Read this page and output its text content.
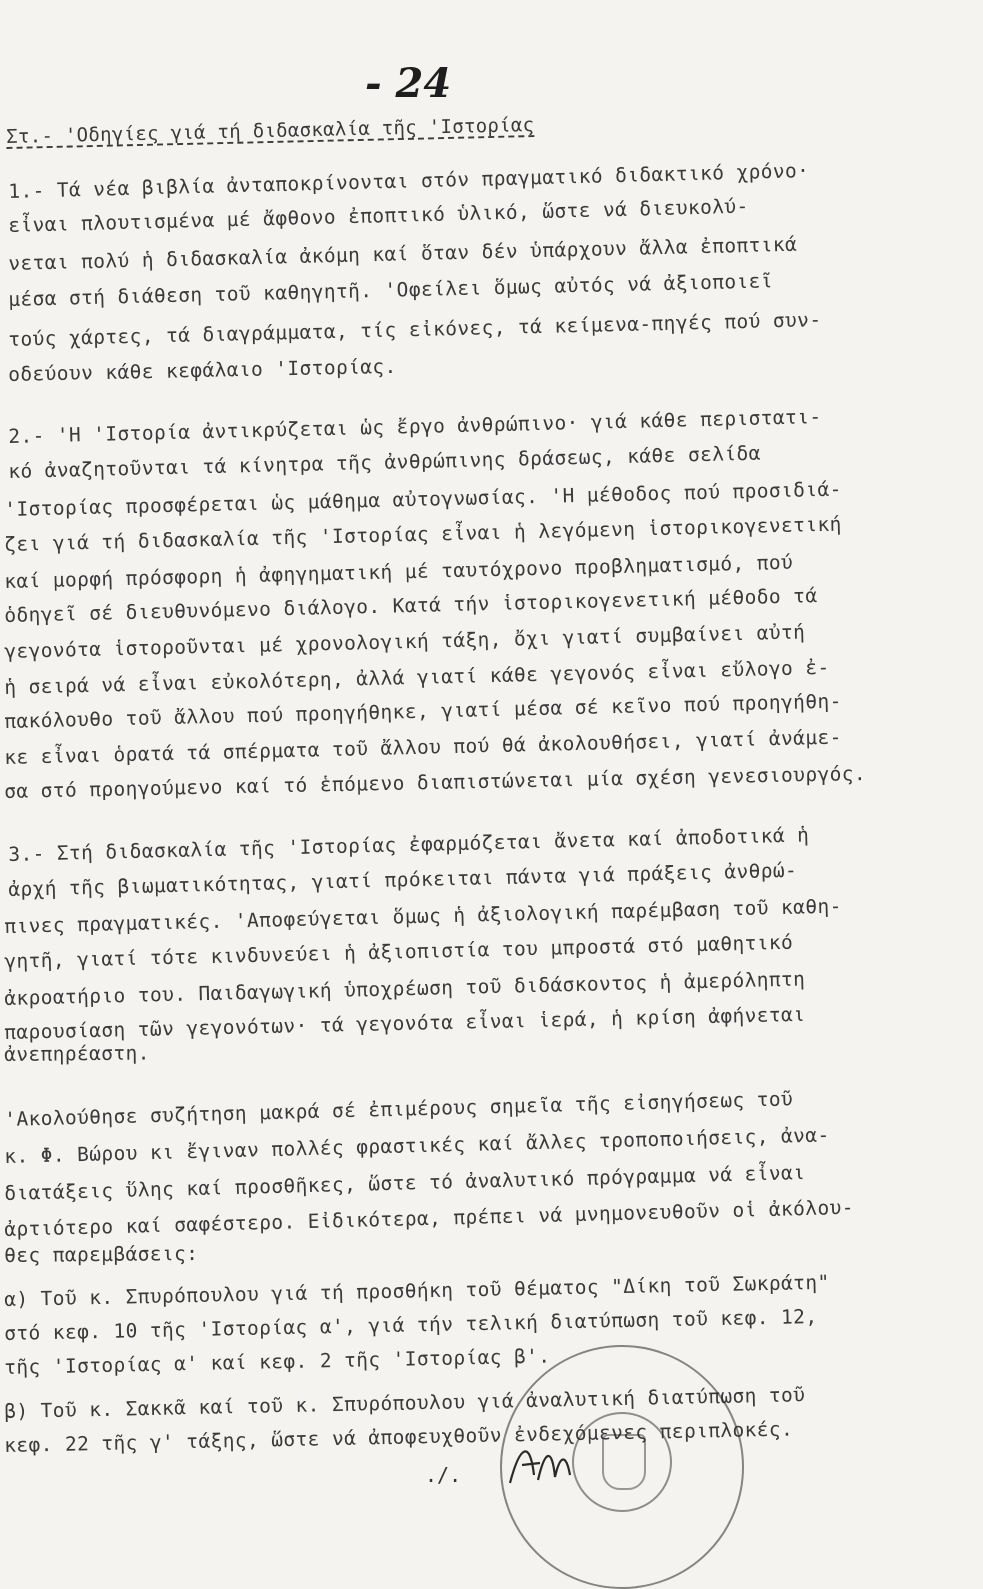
- 24
Στ.- 'Οδηγίες γιά τή διδασκαλία τῆς 'Ιστορίας
1.- Τά νέα βιβλία ἀνταποκρίνονται στόν πραγματικό διδακτικό χρόνο·
εἶναι πλουτισμένα μέ ἄφθονο ἐποπτικό ὑλικό, ὥστε νά διευκολύ-
νεται πολύ ἡ διδασκαλία ἀκόμη καί ὅταν δέν ὑπάρχουν ἄλλα ἐποπτικά
μέσα στή διάθεση τοῦ καθηγητῆ. 'Οφείλει ὅμως αὐτός νά ἀξιοποιεῖ
τούς χάρτες, τά διαγράμματα, τίς εἰκόνες, τά κείμενα-πηγές πού συν-
οδεύουν κάθε κεφάλαιο 'Ιστορίας.
2.- 'Η 'Ιστορία ἀντικρύζεται ὡς ἔργο ἀνθρώπινο· γιά κάθε περιστατι-
κό ἀναζητοῦνται τά κίνητρα τῆς ἀνθρώπινης δράσεως, κάθε σελίδα
'Ιστορίας προσφέρεται ὡς μάθημα αὐτογνωσίας. 'Η μέθοδος πού προσιδιά-
ζει γιά τή διδασκαλία τῆς 'Ιστορίας εἶναι ἡ λεγόμενη ἱστορικογενετική
καί μορφή πρόσφορη ἡ ἀφηγηματική μέ ταυτόχρονο προβληματισμό, πού
ὁδηγεῖ σέ διευθυνόμενο διάλογο. Κατά τήν ἱστορικογενετική μέθοδο τά
γεγονότα ἱστοροῦνται μέ χρονολογική τάξη, ὄχι γιατί συμβαίνει αὐτή
ἡ σειρά νά εἶναι εὐκολότερη, ἀλλά γιατί κάθε γεγονός εἶναι εὔλογο ἐ-
πακόλουθο τοῦ ἄλλου πού προηγήθηκε, γιατί μέσα σέ κεῖνο πού προηγήθη-
κε εἶναι ὁρατά τά σπέρματα τοῦ ἄλλου πού θά ἀκολουθήσει, γιατί ἀνάμε-
σα στό προηγούμενο καί τό ἑπόμενο διαπιστώνεται μία σχέση γενεσιουργός.
3.- Στή διδασκαλία τῆς 'Ιστορίας ἐφαρμόζεται ἄνετα καί ἀποδοτικά ἡ
ἀρχή τῆς βιωματικότητας, γιατί πρόκειται πάντα γιά πράξεις ἀνθρώ-
πινες πραγματικές. 'Αποφεύγεται ὅμως ἡ ἀξιολογική παρέμβαση τοῦ καθη-
γητῆ, γιατί τότε κινδυνεύει ἡ ἀξιοπιστία του μπροστά στό μαθητικό
ἀκροατήριο του. Παιδαγωγική ὑποχρέωση τοῦ διδάσκοντος ἡ ἀμερόληπτη
παρουσίαση τῶν γεγονότων· τά γεγονότα εἶναι ἱερά, ἡ κρίση ἀφήνεται
ἀνεπηρέαστη.
'Ακολούθησε συζήτηση μακρά σέ ἐπιμέρους σημεῖα τῆς εἰσηγήσεως τοῦ
κ. Φ. Βώρου κι ἔγιναν πολλές φραστικές καί ἄλλες τροποποιήσεις, ἀνα-
διατάξεις ὕλης καί προσθῆκες, ὥστε τό ἀναλυτικό πρόγραμμα νά εἶναι
ἀρτιότερο καί σαφέστερο. Εἰδικότερα, πρέπει νά μνημονευθοῦν οἱ ἀκόλου-
θες παρεμβάσεις:
α) Τοῦ κ. Σπυρόπουλου γιά τή προσθήκη τοῦ θέματος "Δίκη τοῦ Σωκράτη"
στό κεφ. 10 τῆς 'Ιστορίας α', γιά τήν τελική διατύπωση τοῦ κεφ. 12,
τῆς 'Ιστορίας α' καί κεφ. 2 τῆς 'Ιστορίας β'.
β) Τοῦ κ. Σακκᾶ καί τοῦ κ. Σπυρόπουλου γιά ἀναλυτική διατύπωση τοῦ
κεφ. 22 τῆς γ' τάξης, ὥστε νά ἀποφευχθοῦν ἐνδεχόμενες περιπλοκές.
./.
